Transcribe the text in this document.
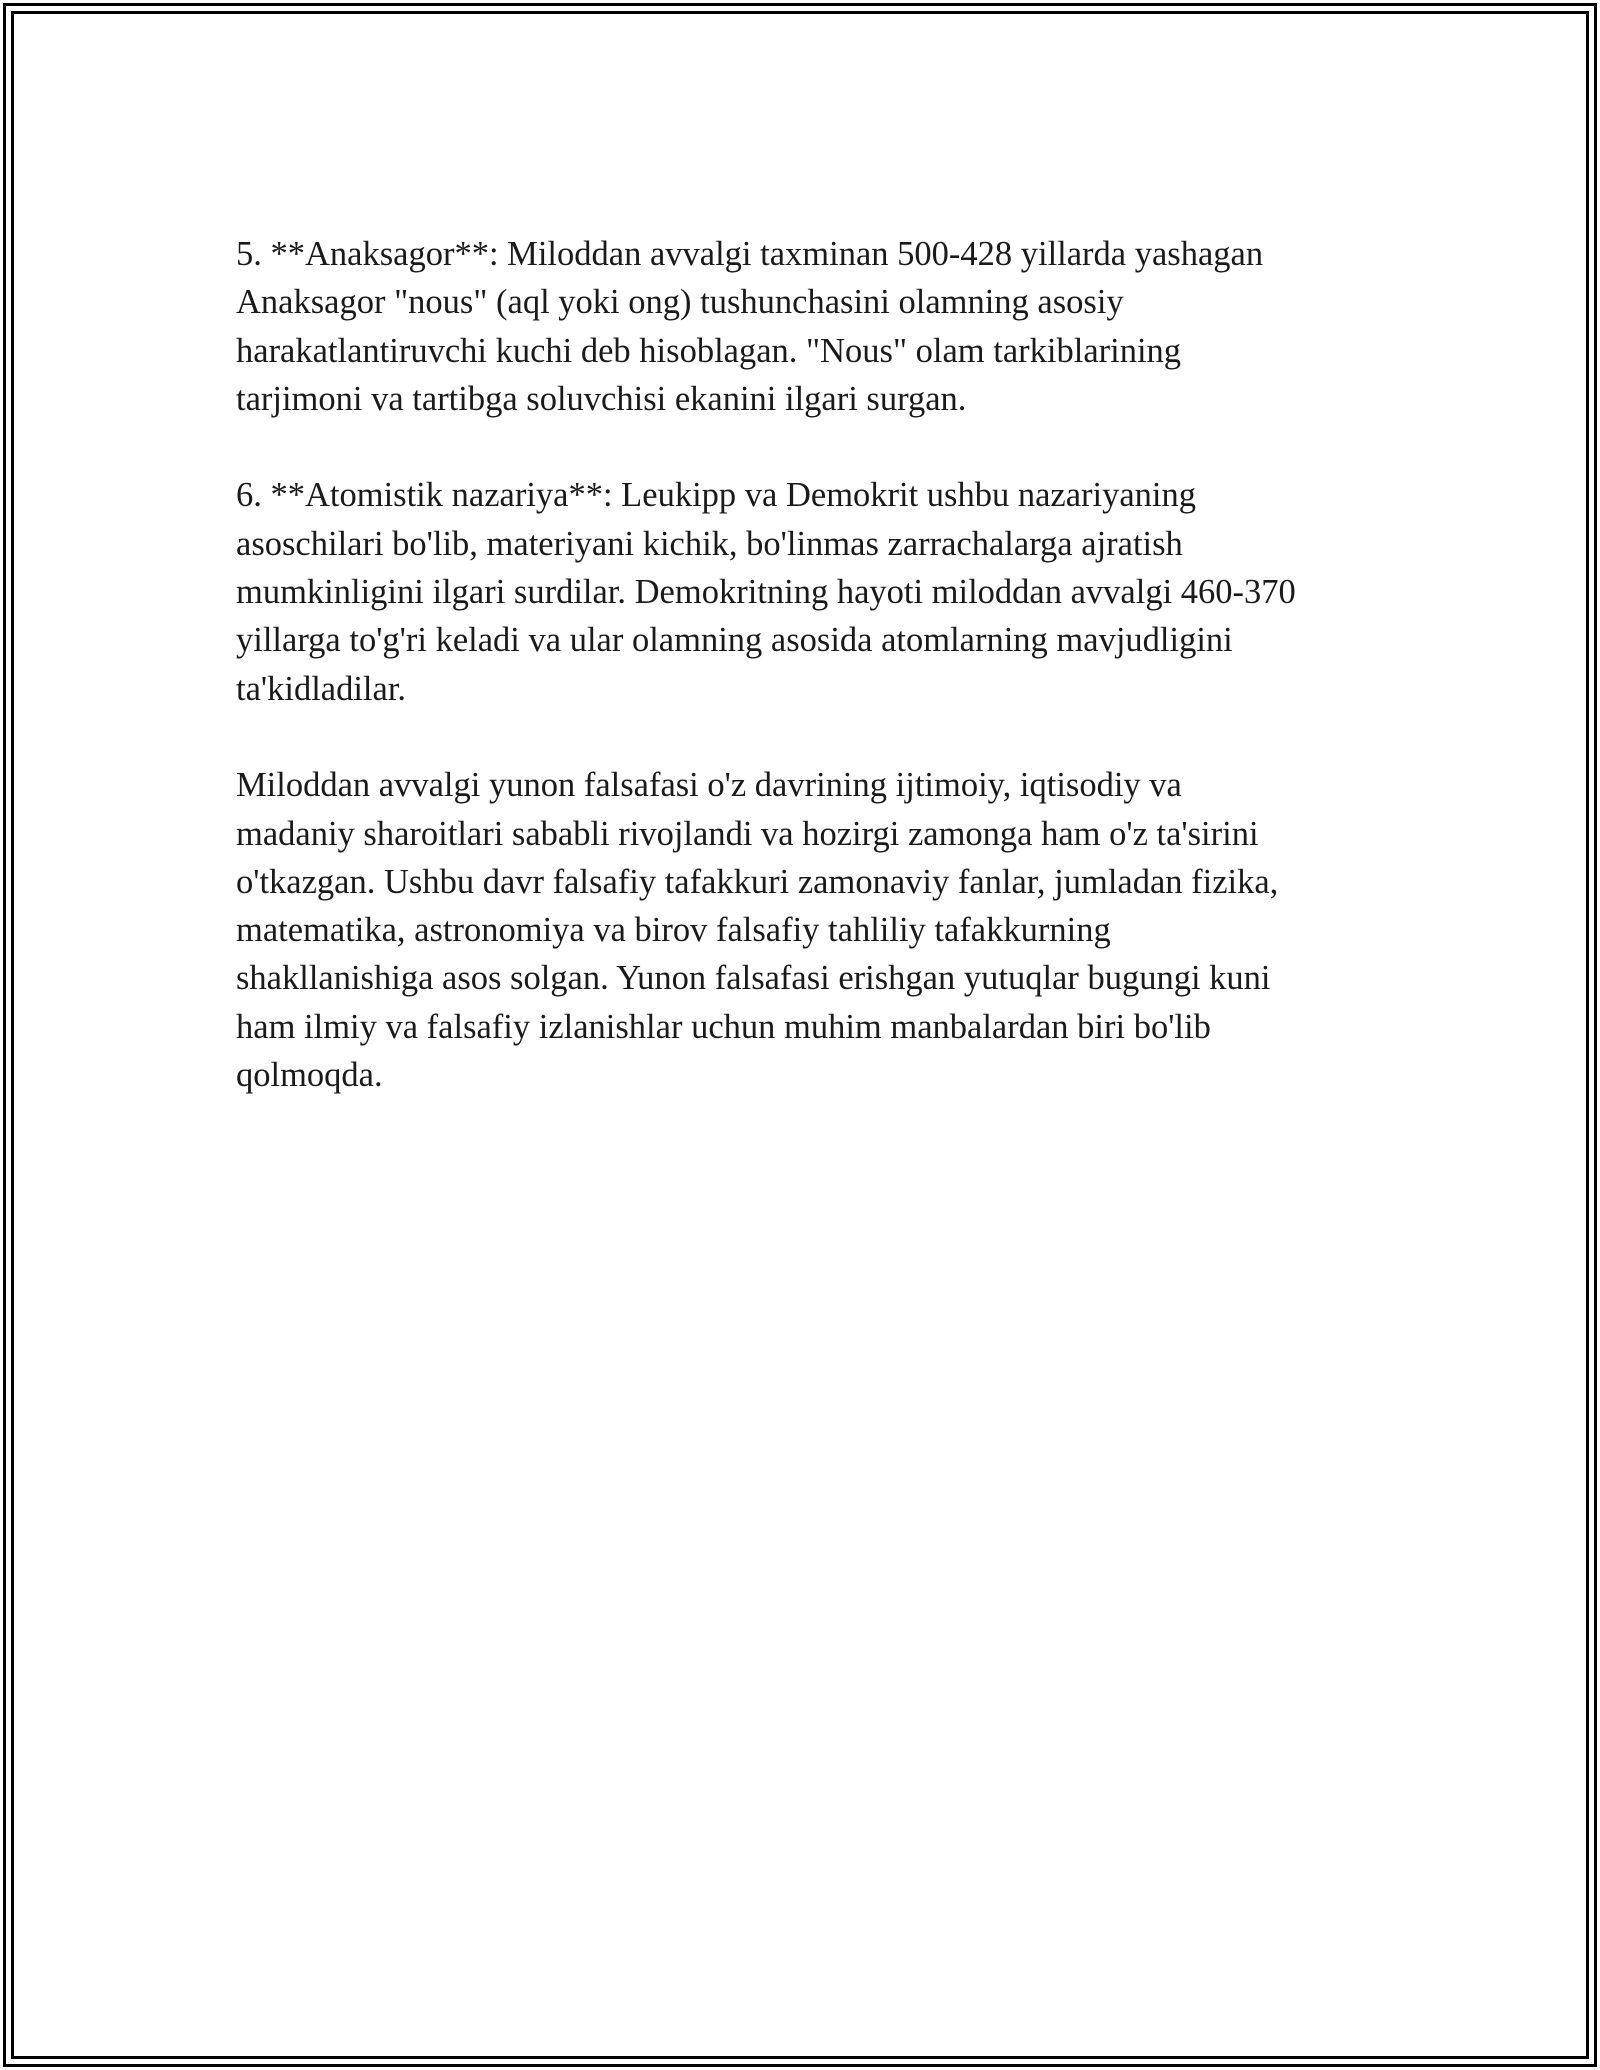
5. **Anaksagor**: Miloddan avvalgi taxminan 500-428 yillarda yashagan
Anaksagor "nous" (aql yoki ong) tushunchasini olamning asosiy
harakatlantiruvchi kuchi deb hisoblagan. "Nous" olam tarkiblarining
tarjimoni va tartibga soluvchisi ekanini ilgari surgan.

6. **Atomistik nazariya**: Leukipp va Demokrit ushbu nazariyaning
asoschilari bo'lib, materiyani kichik, bo'linmas zarrachalarga ajratish
mumkinligini ilgari surdilar. Demokritning hayoti miloddan avvalgi 460-370
yillarga to'g'ri keladi va ular olamning asosida atomlarning mavjudligini
ta'kidladilar.

Miloddan avvalgi yunon falsafasi o'z davrining ijtimoiy, iqtisodiy va
madaniy sharoitlari sababli rivojlandi va hozirgi zamonga ham o'z ta'sirini
o'tkazgan. Ushbu davr falsafiy tafakkuri zamonaviy fanlar, jumladan fizika,
matematika, astronomiya va birov falsafiy tahliliy tafakkurning
shakllanishiga asos solgan. Yunon falsafasi erishgan yutuqlar bugungi kuni
ham ilmiy va falsafiy izlanishlar uchun muhim manbalardan biri bo'lib
qolmoqda.
